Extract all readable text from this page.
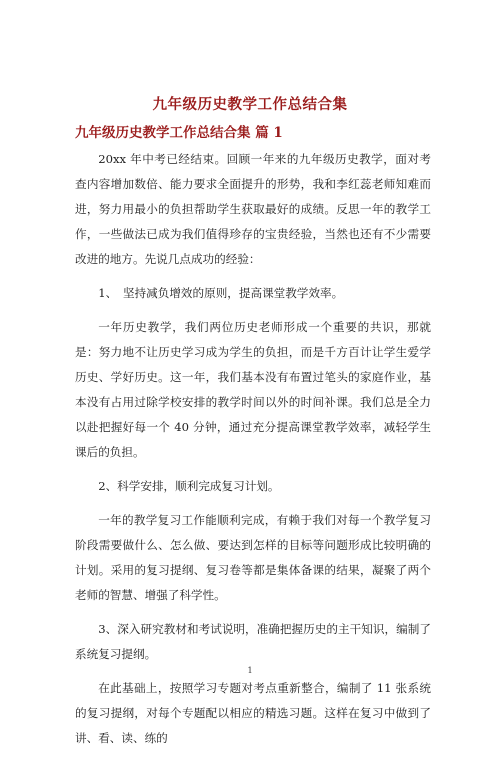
九年级历史教学工作总结合集
九年级历史教学工作总结合集 篇 1

20xx 年中考已经结束。回顾一年来的九年级历史教学，面对考查内容增加数倍、能力要求全面提升的形势，我和李红蕊老师知难而进，努力用最小的负担帮助学生获取最好的成绩。反思一年的教学工作，一些做法已成为我们值得珍存的宝贵经验，当然也还有不少需要改进的地方。先说几点成功的经验：

1、　坚持减负增效的原则，提高课堂教学效率。

一年历史教学，我们两位历史老师形成一个重要的共识，那就是：努力地不让历史学习成为学生的负担，而是千方百计让学生爱学历史、学好历史。这一年，我们基本没有布置过笔头的家庭作业，基本没有占用过除学校安排的教学时间以外的时间补课。我们总是全力以赴把握好每一个 40 分钟，通过充分提高课堂教学效率，减轻学生课后的负担。

2、科学安排，顺利完成复习计划。

一年的教学复习工作能顺利完成，有赖于我们对每一个教学复习阶段需要做什么、怎么做、要达到怎样的目标等问题形成比较明确的计划。采用的复习提纲、复习卷等都是集体备课的结果，凝聚了两个老师的智慧、增强了科学性。

3、深入研究教材和考试说明，准确把握历史的主干知识，编制了系统复习提纲。

在此基础上，按照学习专题对考点重新整合，编制了 11 张系统的复习提纲，对每个专题配以相应的精选习题。这样在复习中做到了讲、看、读、练的

1
